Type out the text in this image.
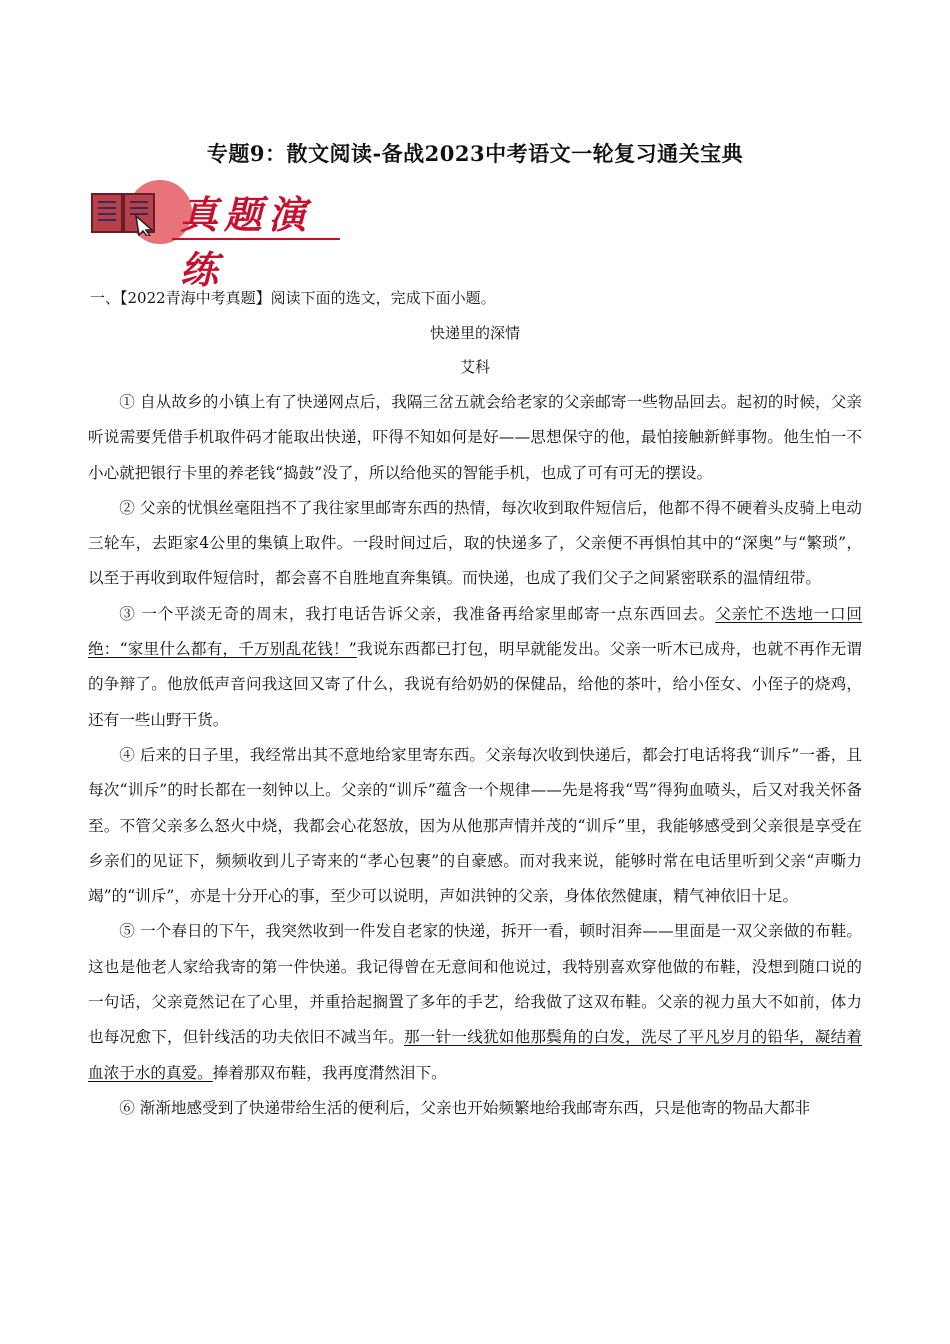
专题9：散文阅读-备战2023中考语文一轮复习通关宝典
真题演练
一、【2022青海中考真题】阅读下面的选文，完成下面小题。
快递里的深情
艾科

① 自从故乡的小镇上有了快递网点后，我隔三岔五就会给老家的父亲邮寄一些物品回去。起初的时候，父亲听说需要凭借手机取件码才能取出快递，吓得不知如何是好——思想保守的他，最怕接触新鲜事物。他生怕一不小心就把银行卡里的养老钱“捣鼓”没了，所以给他买的智能手机，也成了可有可无的摆设。

② 父亲的忧惧丝毫阻挡不了我往家里邮寄东西的热情，每次收到取件短信后，他都不得不硬着头皮骑上电动三轮车，去距家4公里的集镇上取件。一段时间过后，取的快递多了，父亲便不再惧怕其中的“深奥”与“繁琐”，以至于再收到取件短信时，都会喜不自胜地直奔集镇。而快递，也成了我们父子之间紧密联系的温情纽带。

③ 一个平淡无奇的周末，我打电话告诉父亲，我准备再给家里邮寄一点东西回去。父亲忙不迭地一口回绝：“家里什么都有，千万别乱花钱！”我说东西都已打包，明早就能发出。父亲一听木已成舟，也就不再作无谓的争辩了。他放低声音问我这回又寄了什么，我说有给奶奶的保健品，给他的茶叶，给小侄女、小侄子的烧鸡，还有一些山野干货。

④ 后来的日子里，我经常出其不意地给家里寄东西。父亲每次收到快递后，都会打电话将我“训斥”一番，且每次“训斥”的时长都在一刻钟以上。父亲的“训斥”蕴含一个规律——先是将我“骂”得狗血喷头，后又对我关怀备至。不管父亲多么怒火中烧，我都会心花怒放，因为从他那声情并茂的“训斥”里，我能够感受到父亲很是享受在乡亲们的见证下，频频收到儿子寄来的“孝心包裹”的自豪感。而对我来说，能够时常在电话里听到父亲“声嘶力竭”的“训斥”，亦是十分开心的事，至少可以说明，声如洪钟的父亲，身体依然健康，精气神依旧十足。

⑤ 一个春日的下午，我突然收到一件发自老家的快递，拆开一看，顿时泪奔——里面是一双父亲做的布鞋。这也是他老人家给我寄的第一件快递。我记得曾在无意间和他说过，我特别喜欢穿他做的布鞋，没想到随口说的一句话，父亲竟然记在了心里，并重拾起搁置了多年的手艺，给我做了这双布鞋。父亲的视力虽大不如前，体力也每况愈下，但针线活的功夫依旧不减当年。那一针一线犹如他那鬓角的白发，洗尽了平凡岁月的铅华，凝结着血浓于水的真爱。捧着那双布鞋，我再度潸然泪下。

⑥ 渐渐地感受到了快递带给生活的便利后，父亲也开始频繁地给我邮寄东西，只是他寄的物品大都非
